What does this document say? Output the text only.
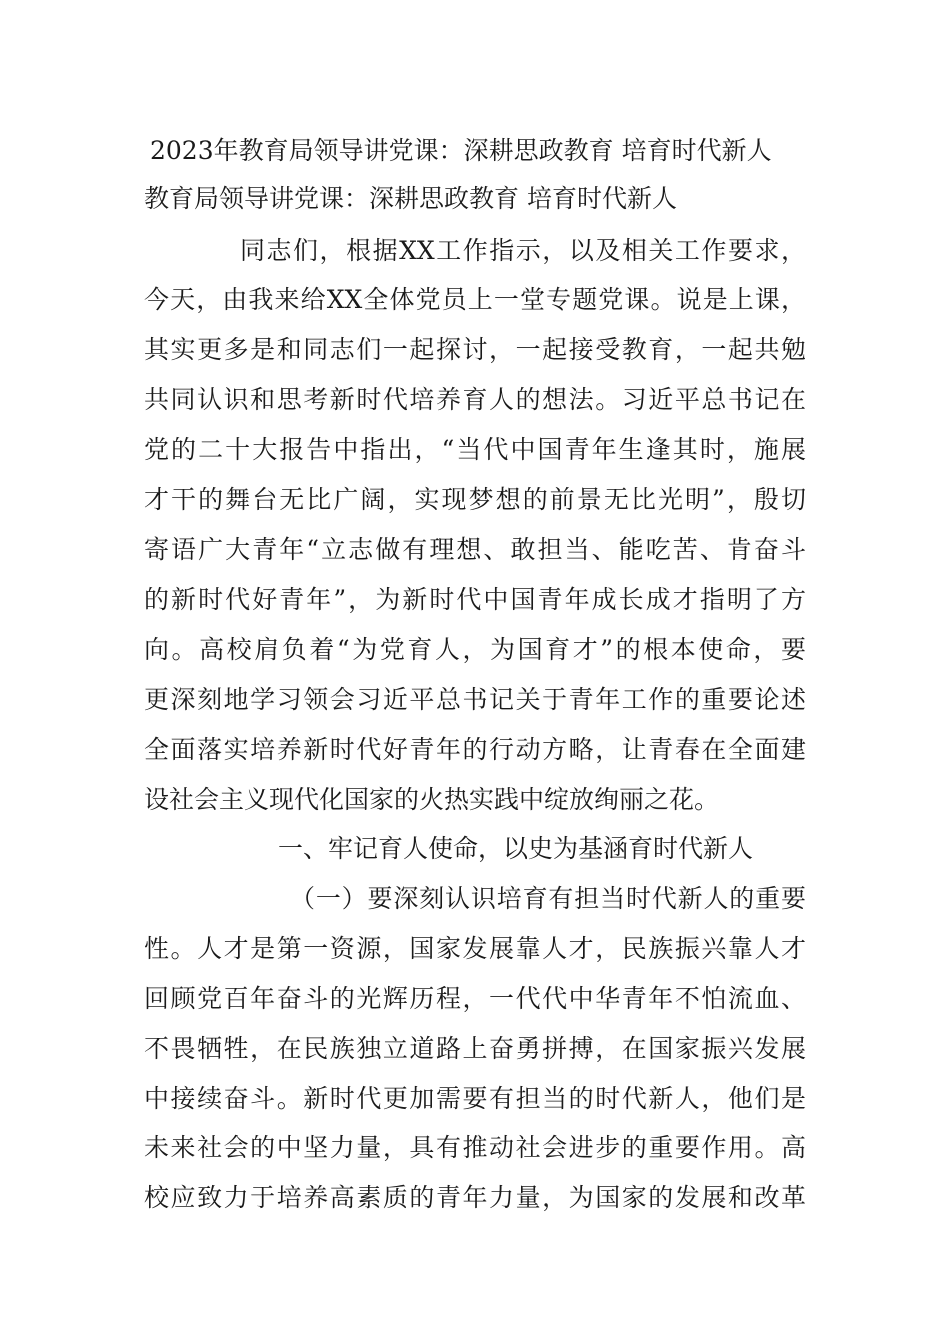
2023年教育局领导讲党课：深耕思政教育 培育时代新人
教育局领导讲党课：深耕思政教育 培育时代新人
同志们，根据XX工作指示，以及相关工作要求，
今天，由我来给XX全体党员上一堂专题党课。说是上课，
其实更多是和同志们一起探讨，一起接受教育，一起共勉
共同认识和思考新时代培养育人的想法。习近平总书记在
党的二十大报告中指出，“当代中国青年生逢其时，施展
才干的舞台无比广阔，实现梦想的前景无比光明”，殷切
寄语广大青年“立志做有理想、敢担当、能吃苦、肯奋斗
的新时代好青年”，为新时代中国青年成长成才指明了方
向。高校肩负着“为党育人，为国育才”的根本使命，要
更深刻地学习领会习近平总书记关于青年工作的重要论述
全面落实培养新时代好青年的行动方略，让青春在全面建
设社会主义现代化国家的火热实践中绽放绚丽之花。
一、牢记育人使命，以史为基涵育时代新人
（一）要深刻认识培育有担当时代新人的重要
性。人才是第一资源，国家发展靠人才，民族振兴靠人才
回顾党百年奋斗的光辉历程，一代代中华青年不怕流血、
不畏牺牲，在民族独立道路上奋勇拼搏，在国家振兴发展
中接续奋斗。新时代更加需要有担当的时代新人，他们是
未来社会的中坚力量，具有推动社会进步的重要作用。高
校应致力于培养高素质的青年力量，为国家的发展和改革
